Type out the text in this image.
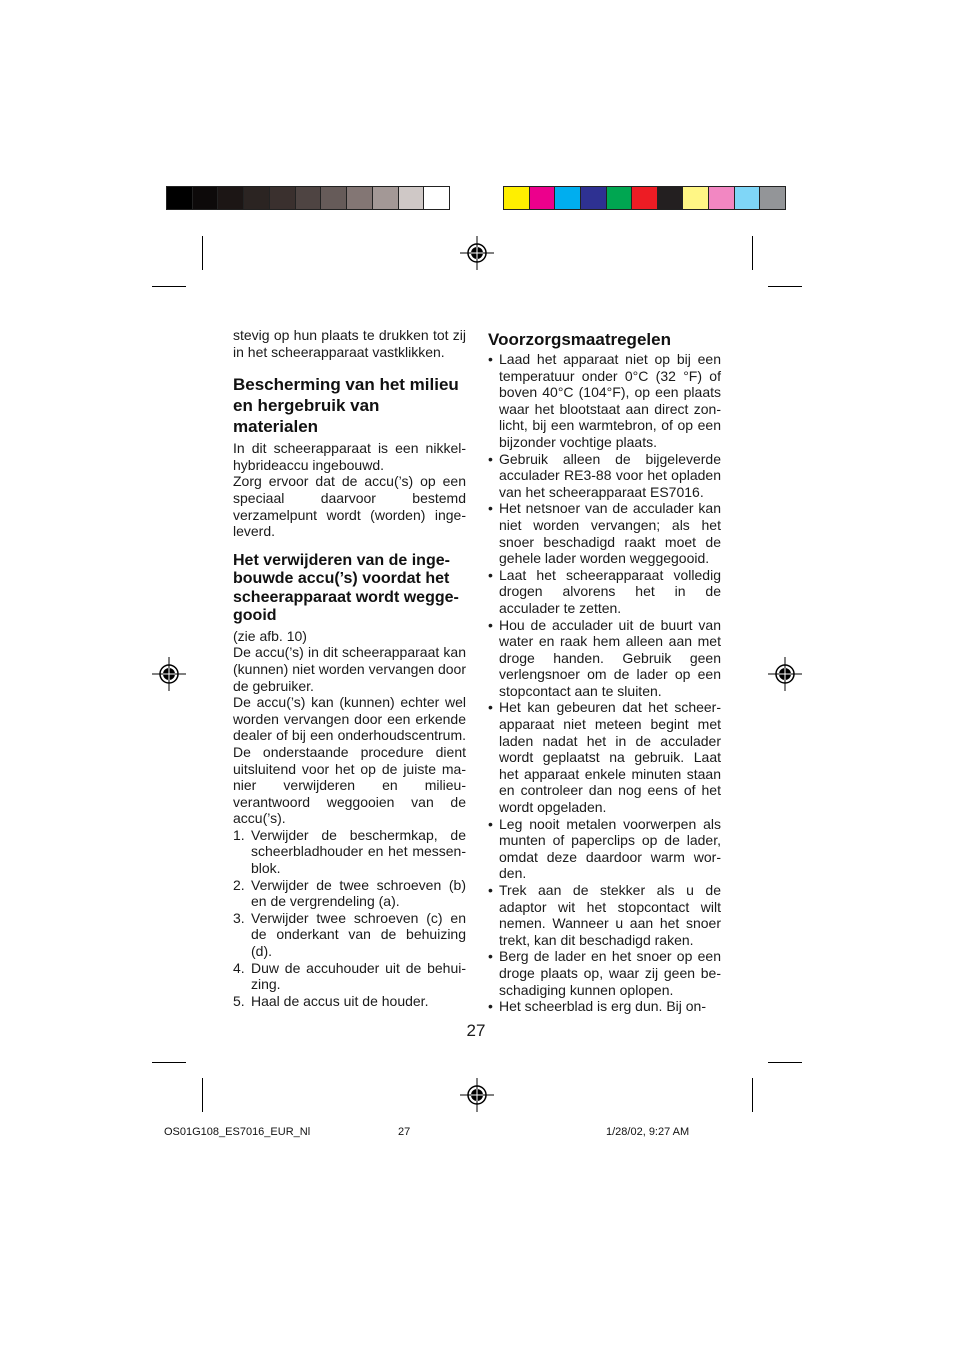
stevig op hun plaats te drukken tot zij in het scheerapparaat vastklikken.

Bescherming van het milieu en hergebruik van materialen

In dit scheerapparaat is een nikkel-hybrideaccu ingebouwd.

Zorg ervoor dat de accu(’s) op een speciaal daarvoor bestemd verzamelpunt wordt (worden) inge-leverd.

Het verwijderen van de inge-bouwde accu(’s) voordat het scheerapparaat wordt wegge-gooid

(zie afb. 10)

De accu(’s) in dit scheerapparaat kan (kunnen) niet worden vervangen door de gebruiker.

De accu(’s) kan (kunnen) echter wel worden vervangen door een erkende dealer of bij een onderhoudscentrum. De onderstaande procedure dient uitsluitend voor het op de juiste ma-nier verwijderen en milieu-verantwoord weggooien van de accu(’s).

1. Verwijder de beschermkap, de scheerbladhouder en het messen-blok.
2. Verwijder de twee schroeven (b) en de vergrendeling (a).
3. Verwijder twee schroeven (c) en de onderkant van de behuizing (d).
4. Duw de accuhouder uit de behui-zing.
5. Haal de accus uit de houder.
Voorzorgsmaatregelen
• Laad het apparaat niet op bij een temperatuur onder 0°C (32 °F) of boven 40°C (104°F), op een plaats waar het blootstaat aan direct zon-licht, bij een warmtebron, of op een bijzonder vochtige plaats.
• Gebruik alleen de bijgeleverde acculader RE3-88 voor het opladen van het scheerapparaat ES7016.
• Het netsnoer van de acculader kan niet worden vervangen; als het snoer beschadigd raakt moet de gehele lader worden weggegooid.
• Laat het scheerapparaat volledig drogen alvorens het in de acculader te zetten.
• Hou de acculader uit de buurt van water en raak hem alleen aan met droge handen. Gebruik geen verlengsnoer om de lader op een stopcontact aan te sluiten.
• Het kan gebeuren dat het scheer-apparaat niet meteen begint met laden nadat het in de acculader wordt geplaatst na gebruik. Laat het apparaat enkele minuten staan en controleer dan nog eens of het wordt opgeladen.
• Leg nooit metalen voorwerpen als munten of paperclips op de lader, omdat deze daardoor warm wor-den.
• Trek aan de stekker als u de adaptor wit het stopcontact wilt nemen. Wanneer u aan het snoer trekt, kan dit beschadigd raken.
• Berg de lader en het snoer op een droge plaats op, waar zij geen be-schadiging kunnen oplopen.
• Het scheerblad is erg dun. Bij on-
27
OS01G108_ES7016_EUR_Nl	27	1/28/02, 9:27 AM
